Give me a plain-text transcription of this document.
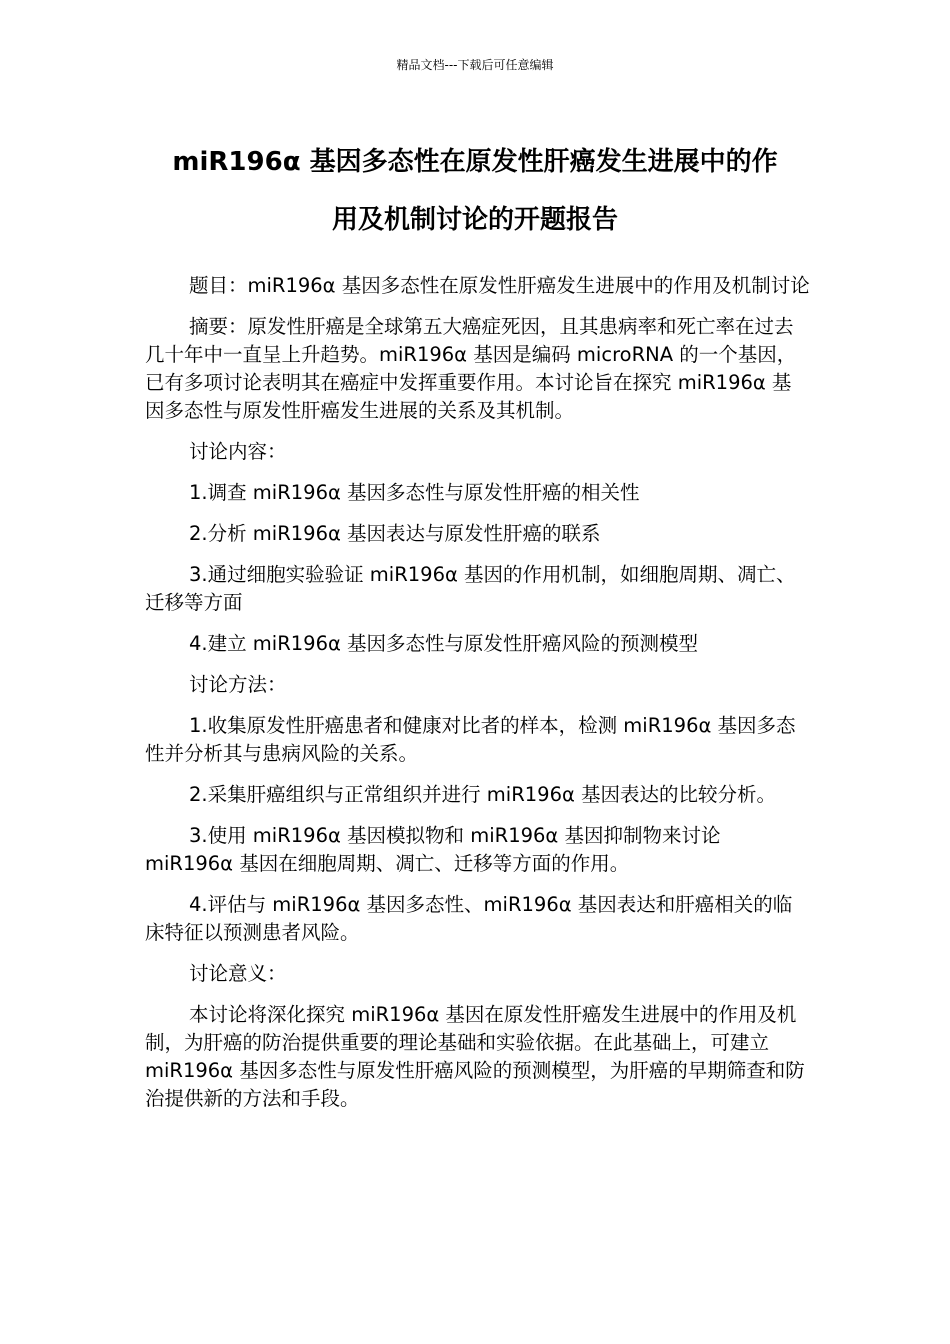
精品文档---下载后可任意编辑
miR196α 基因多态性在原发性肝癌发生进展中的作
用及机制讨论的开题报告

题目：miR196α 基因多态性在原发性肝癌发生进展中的作用及机制讨论

摘要：原发性肝癌是全球第五大癌症死因，且其患病率和死亡率在过去几十年中一直呈上升趋势。miR196α 基因是编码 microRNA 的一个基因，已有多项讨论表明其在癌症中发挥重要作用。本讨论旨在探究 miR196α 基因多态性与原发性肝癌发生进展的关系及其机制。

讨论内容：

1.调查 miR196α 基因多态性与原发性肝癌的相关性

2.分析 miR196α 基因表达与原发性肝癌的联系

3.通过细胞实验验证 miR196α 基因的作用机制，如细胞周期、凋亡、迁移等方面

4.建立 miR196α 基因多态性与原发性肝癌风险的预测模型

讨论方法：

1.收集原发性肝癌患者和健康对比者的样本，检测 miR196α 基因多态性并分析其与患病风险的关系。

2.采集肝癌组织与正常组织并进行 miR196α 基因表达的比较分析。

3.使用 miR196α 基因模拟物和 miR196α 基因抑制物来讨论 miR196α 基因在细胞周期、凋亡、迁移等方面的作用。

4.评估与 miR196α 基因多态性、miR196α 基因表达和肝癌相关的临床特征以预测患者风险。

讨论意义：

本讨论将深化探究 miR196α 基因在原发性肝癌发生进展中的作用及机制，为肝癌的防治提供重要的理论基础和实验依据。在此基础上，可建立 miR196α 基因多态性与原发性肝癌风险的预测模型，为肝癌的早期筛查和防治提供新的方法和手段。
